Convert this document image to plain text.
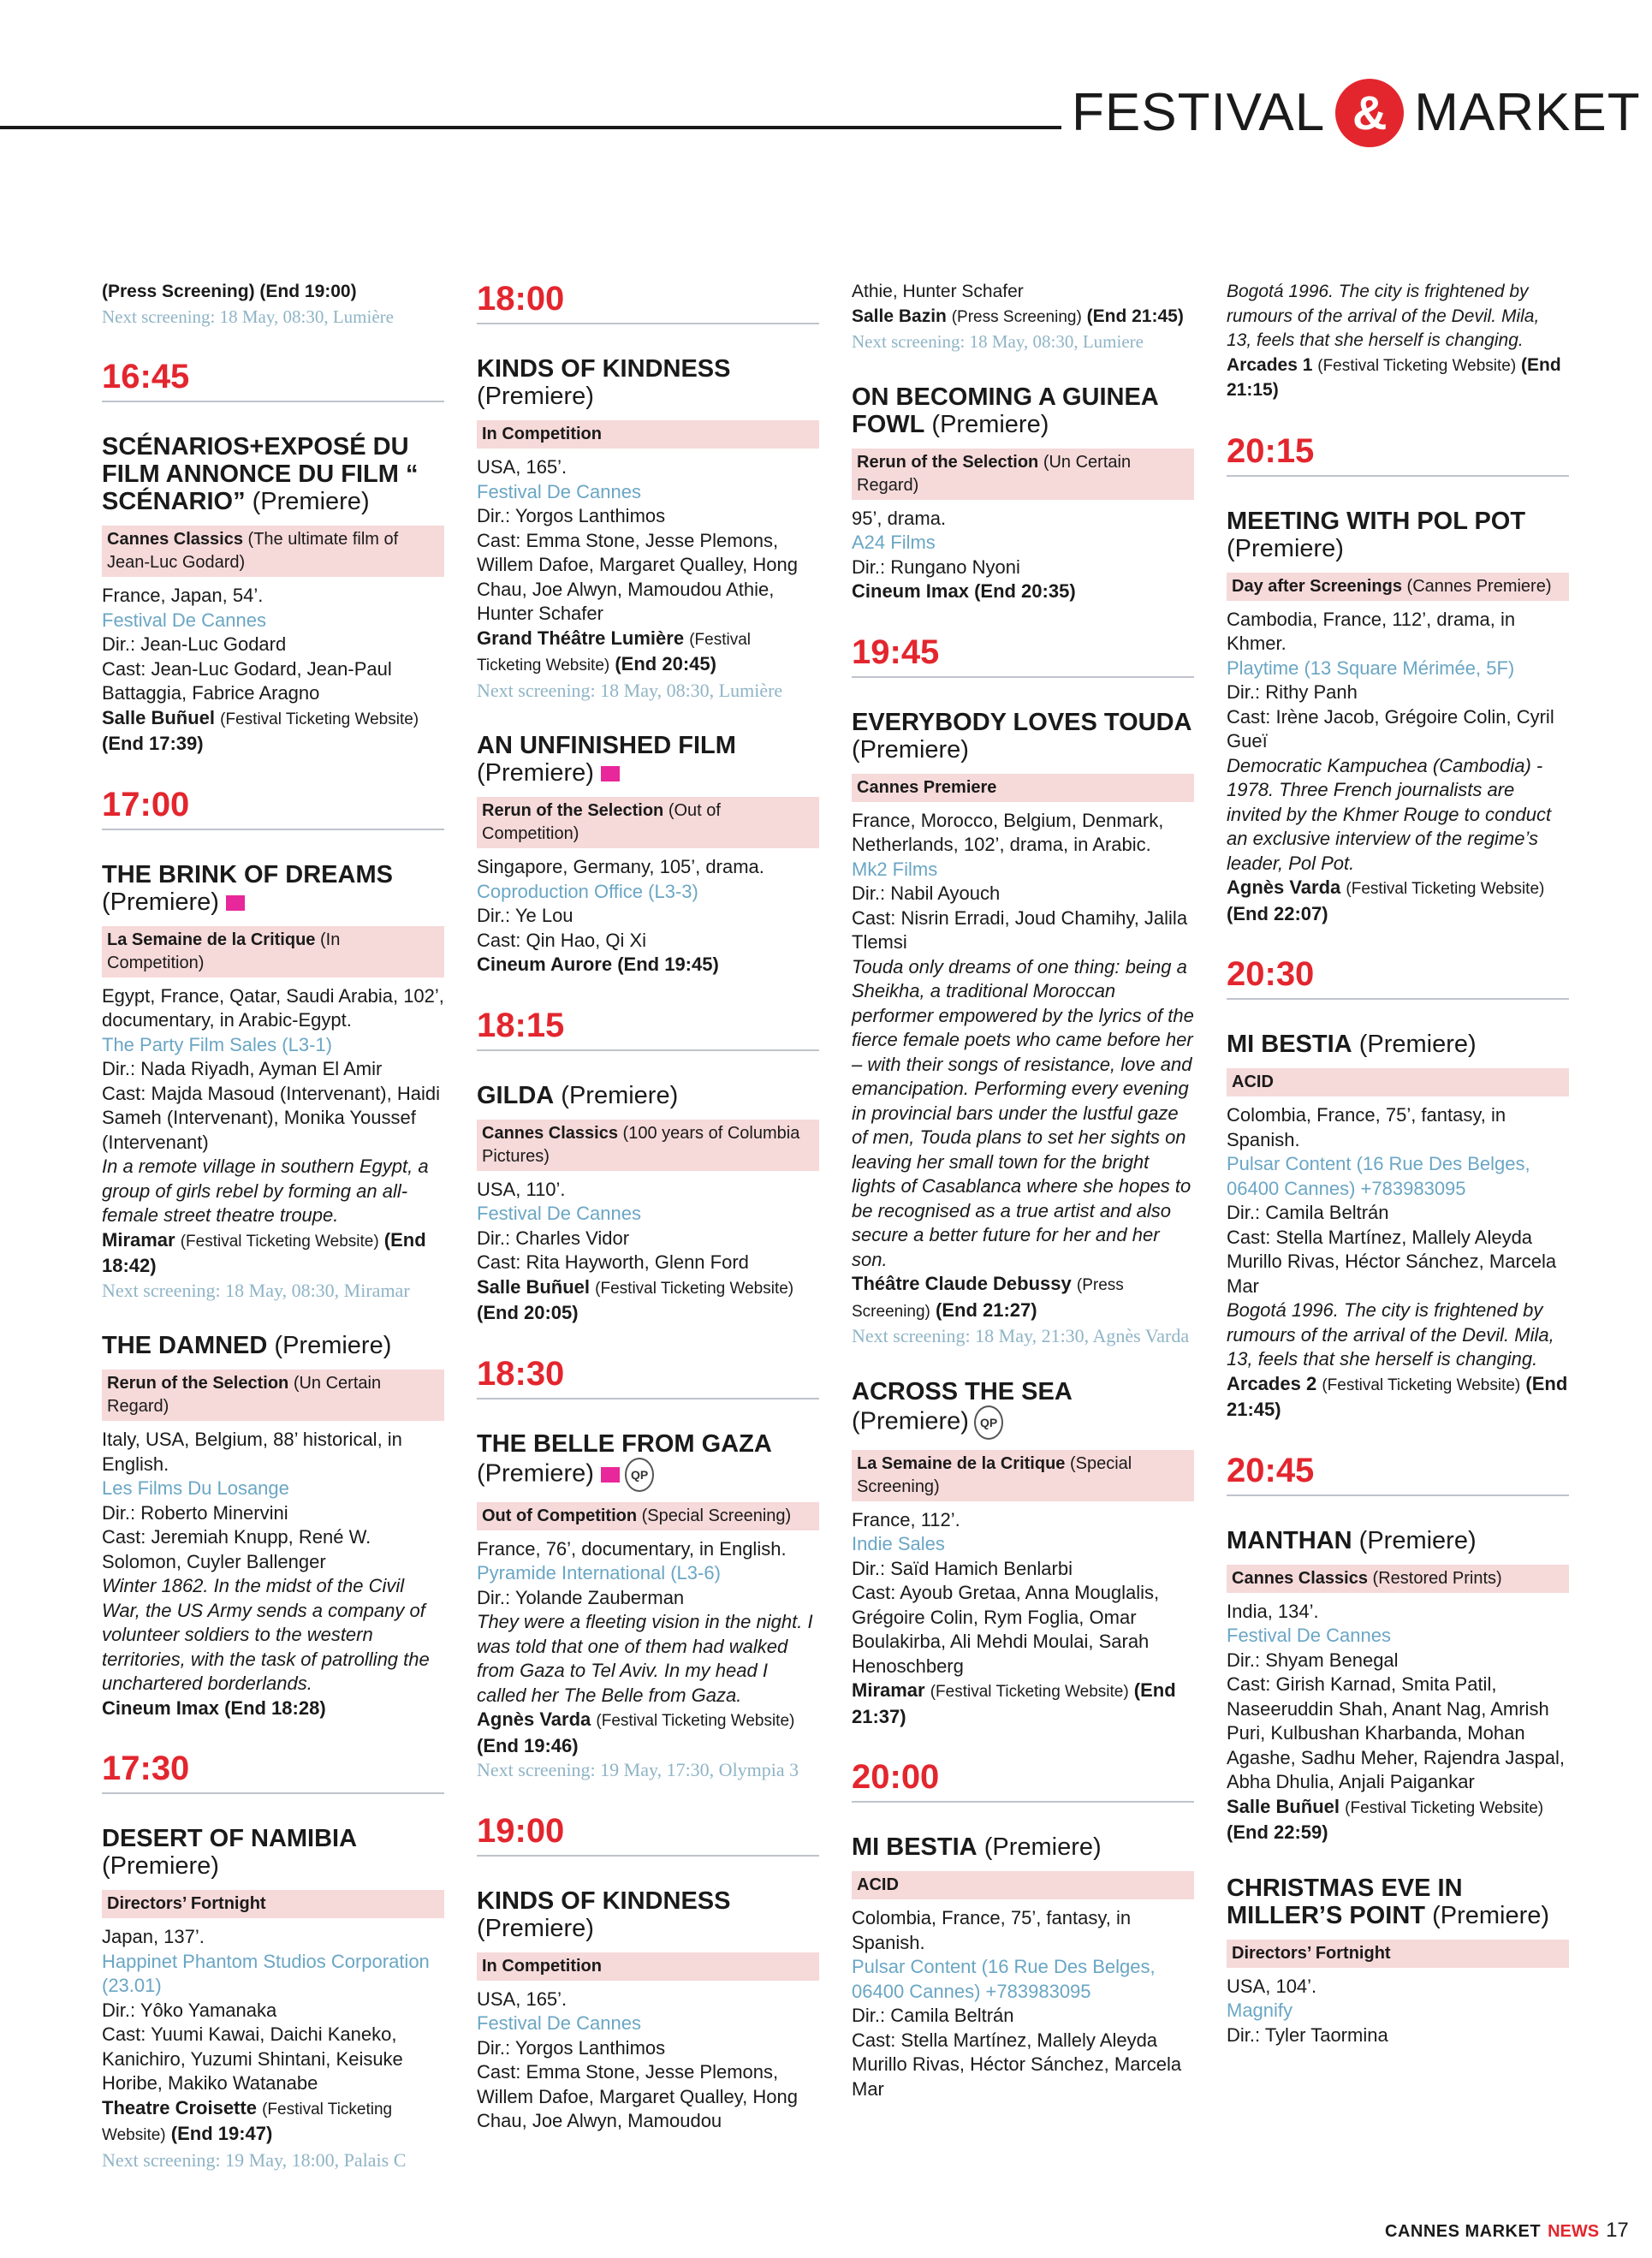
FESTIVAL & MARKET
(Press Screening) (End 19:00)
Next screening: 18 May, 08:30, Lumière
16:45
SCÉNARIOS+EXPOSÉ DU FILM ANNONCE DU FILM “ SCÉNARIO” (Premiere)
Cannes Classics (The ultimate film of Jean-Luc Godard)
France, Japan, 54’.
Festival De Cannes
Dir.: Jean-Luc Godard
Cast: Jean-Luc Godard, Jean-Paul Battaggia, Fabrice Aragno
Salle Buñuel (Festival Ticketing Website) (End 17:39)
17:00
THE BRINK OF DREAMS (Premiere)
La Semaine de la Critique (In Competition)
Egypt, France, Qatar, Saudi Arabia, 102’, documentary, in Arabic-Egypt.
The Party Film Sales (L3-1)
Dir.: Nada Riyadh, Ayman El Amir
Cast: Majda Masoud (Intervenant), Haidi Sameh (Intervenant), Monika Youssef (Intervenant)
In a remote village in southern Egypt, a group of girls rebel by forming an all-female street theatre troupe.
Miramar (Festival Ticketing Website) (End 18:42)
Next screening: 18 May, 08:30, Miramar
THE DAMNED (Premiere)
Rerun of the Selection (Un Certain Regard)
Italy, USA, Belgium, 88’ historical, in English.
Les Films Du Losange
Dir.: Roberto Minervini
Cast: Jeremiah Knupp, René W. Solomon, Cuyler Ballenger
Winter 1862. In the midst of the Civil War, the US Army sends a company of volunteer soldiers to the western territories, with the task of patrolling the unchartered borderlands.
Cineum Imax (End 18:28)
17:30
DESERT OF NAMIBIA (Premiere)
Directors’ Fortnight
Japan, 137’.
Happinet Phantom Studios Corporation (23.01)
Dir.: Yôko Yamanaka
Cast: Yuumi Kawai, Daichi Kaneko, Kanichiro, Yuzumi Shintani, Keisuke Horibe, Makiko Watanabe
Theatre Croisette (Festival Ticketing Website) (End 19:47)
Next screening: 19 May, 18:00, Palais C
18:00
KINDS OF KINDNESS (Premiere)
In Competition
USA, 165’.
Festival De Cannes
Dir.: Yorgos Lanthimos
Cast: Emma Stone, Jesse Plemons, Willem Dafoe, Margaret Qualley, Hong Chau, Joe Alwyn, Mamoudou Athie, Hunter Schafer
Grand Théâtre Lumière (Festival Ticketing Website) (End 20:45)
Next screening: 18 May, 08:30, Lumière
AN UNFINISHED FILM (Premiere)
Rerun of the Selection (Out of Competition)
Singapore, Germany, 105’, drama.
Coproduction Office (L3-3)
Dir.: Ye Lou
Cast: Qin Hao, Qi Xi
Cineum Aurore (End 19:45)
18:15
GILDA (Premiere)
Cannes Classics (100 years of Columbia Pictures)
USA, 110’.
Festival De Cannes
Dir.: Charles Vidor
Cast: Rita Hayworth, Glenn Ford
Salle Buñuel (Festival Ticketing Website) (End 20:05)
18:30
THE BELLE FROM GAZA (Premiere)	QP
Out of Competition (Special Screening)
France, 76’, documentary, in English.
Pyramide International (L3-6)
Dir.: Yolande Zauberman
They were a fleeting vision in the night. I was told that one of them had walked from Gaza to Tel Aviv. In my head I called her The Belle from Gaza.
Agnès Varda (Festival Ticketing Website) (End 19:46)
Next screening: 19 May, 17:30, Olympia 3
19:00
KINDS OF KINDNESS (Premiere)
In Competition
USA, 165’.
Festival De Cannes
Dir.: Yorgos Lanthimos
Cast: Emma Stone, Jesse Plemons, Willem Dafoe, Margaret Qualley, Hong Chau, Joe Alwyn, Mamoudou
Athie, Hunter Schafer
Salle Bazin (Press Screening) (End 21:45)
Next screening: 18 May, 08:30, Lumiere
ON BECOMING A GUINEA FOWL (Premiere)
Rerun of the Selection (Un Certain Regard)
95’, drama.
A24 Films
Dir.: Rungano Nyoni
Cineum Imax (End 20:35)
19:45
EVERYBODY LOVES TOUDA (Premiere)
Cannes Premiere
France, Morocco, Belgium, Denmark, Netherlands, 102’, drama, in Arabic.
Mk2 Films
Dir.: Nabil Ayouch
Cast: Nisrin Erradi, Joud Chamihy, Jalila Tlemsi
Touda only dreams of one thing: being a Sheikha, a traditional Moroccan performer empowered by the lyrics of the fierce female poets who came before her – with their songs of resistance, love and emancipation. Performing every evening in provincial bars under the lustful gaze of men, Touda plans to set her sights on leaving her small town for the bright lights of Casablanca where she hopes to be recognised as a true artist and also secure a better future for her and her son.
Théâtre Claude Debussy (Press Screening) (End 21:27)
Next screening: 18 May, 21:30, Agnès Varda
ACROSS THE SEA (Premiere) QP
La Semaine de la Critique (Special Screening)
France, 112’.
Indie Sales
Dir.: Saïd Hamich Benlarbi
Cast: Ayoub Gretaa, Anna Mouglalis, Grégoire Colin, Rym Foglia, Omar Boulakirba, Ali Mehdi Moulai, Sarah Henoschberg
Miramar (Festival Ticketing Website) (End 21:37)
20:00
MI BESTIA (Premiere)
ACID
Colombia, France, 75’, fantasy, in Spanish.
Pulsar Content (16 Rue Des Belges, 06400 Cannes) +783983095
Dir.: Camila Beltrán
Cast: Stella Martínez, Mallely Aleyda Murillo Rivas, Héctor Sánchez, Marcela Mar
Bogotá 1996. The city is frightened by rumours of the arrival of the Devil. Mila, 13, feels that she herself is changing.
Arcades 1 (Festival Ticketing Website) (End 21:15)
20:15
MEETING WITH POL POT (Premiere)
Day after Screenings (Cannes Premiere)
Cambodia, France, 112’, drama, in Khmer.
Playtime (13 Square Mérimée, 5F)
Dir.: Rithy Panh
Cast: Irène Jacob, Grégoire Colin, Cyril Gueï
Democratic Kampuchea (Cambodia) - 1978. Three French journalists are invited by the Khmer Rouge to conduct an exclusive interview of the regime’s leader, Pol Pot.
Agnès Varda (Festival Ticketing Website) (End 22:07)
20:30
MI BESTIA (Premiere)
ACID
Colombia, France, 75’, fantasy, in Spanish.
Pulsar Content (16 Rue Des Belges, 06400 Cannes) +783983095
Dir.: Camila Beltrán
Cast: Stella Martínez, Mallely Aleyda Murillo Rivas, Héctor Sánchez, Marcela Mar
Bogotá 1996. The city is frightened by rumours of the arrival of the Devil. Mila, 13, feels that she herself is changing.
Arcades 2 (Festival Ticketing Website) (End 21:45)
20:45
MANTHAN (Premiere)
Cannes Classics (Restored Prints)
India, 134’.
Festival De Cannes
Dir.: Shyam Benegal
Cast: Girish Karnad, Smita Patil, Naseeruddin Shah, Anant Nag, Amrish Puri, Kulbushan Kharbanda, Mohan Agashe, Sadhu Meher, Rajendra Jaspal, Abha Dhulia, Anjali Paigankar
Salle Buñuel (Festival Ticketing Website) (End 22:59)
CHRISTMAS EVE IN MILLER’S POINT (Premiere)
Directors’ Fortnight
USA, 104’.
Magnify
Dir.: Tyler Taormina
CANNES MARKET NEWS 17
